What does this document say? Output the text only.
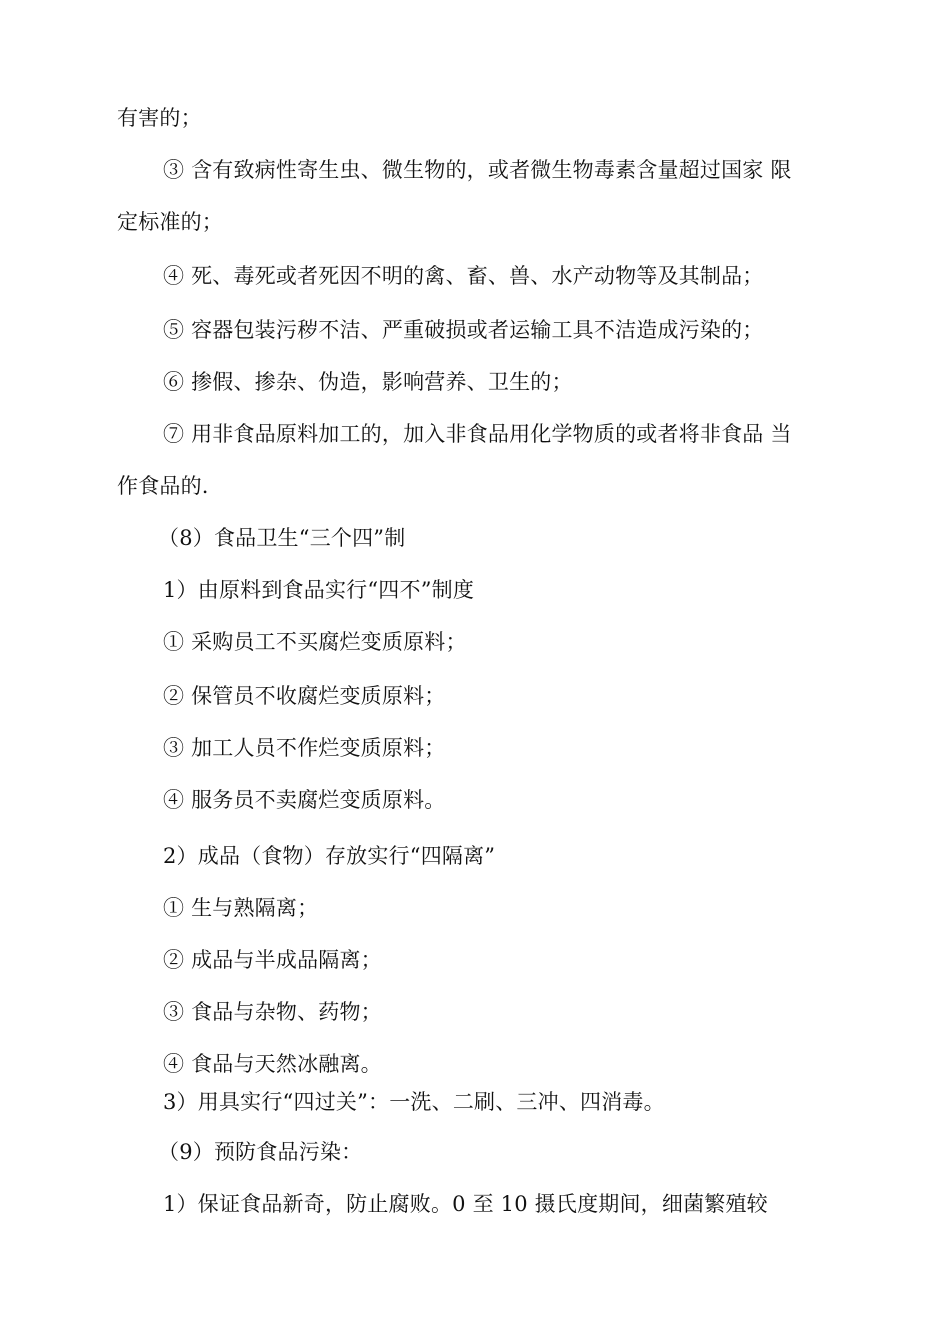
有害的；
③ 含有致病性寄生虫、微生物的，或者微生物毒素含量超过国家 限
定标准的；
④ 死、毒死或者死因不明的禽、畜、兽、水产动物等及其制品；
⑤ 容器包装污秽不洁、严重破损或者运输工具不洁造成污染的；
⑥ 掺假、掺杂、伪造，影响营养、卫生的；
⑦ 用非食品原料加工的，加入非食品用化学物质的或者将非食品 当
作食品的.
（8）食品卫生“三个四”制
1）由原料到食品实行“四不”制度
① 采购员工不买腐烂变质原料；
② 保管员不收腐烂变质原料；
③ 加工人员不作烂变质原料；
④ 服务员不卖腐烂变质原料。
2）成品（食物）存放实行“四隔离”
① 生与熟隔离；
② 成品与半成品隔离；
③ 食品与杂物、药物；
④ 食品与天然冰融离。
3）用具实行“四过关”：一洗、二刷、三冲、四消毒。
（9）预防食品污染：
1）保证食品新奇，防止腐败。0 至 10 摄氏度期间，细菌繁殖较
